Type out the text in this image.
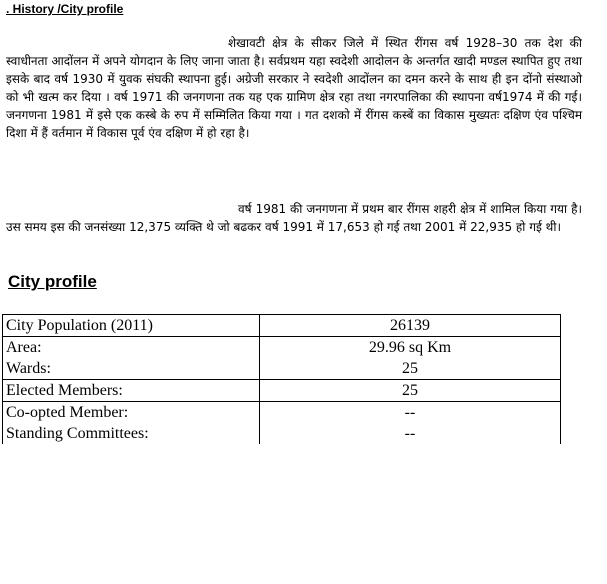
. History /City profile
शेखावटी क्षेत्र के सीकर जिले में स्थित रींगस वर्ष 1928–30 तक देश की स्वाधीनता आदोंलन में अपने योगदान के लिए जाना जाता है। सर्वप्रथम यहा स्वदेशी आदोलन के अन्तर्गत खादी मण्डल स्थापित हुए तथा इसके बाद वर्ष 1930 में युवक संघकी स्थापना हुई। अग्रेजी सरकार ने स्वदेशी आदोंलन का दमन करने के साथ ही इन दोंनो संस्थाओ को भी खत्म कर दिया । वर्ष 1971 की जनगणना तक यह एक ग्रामिण क्षेत्र रहा तथा नगरपालिका की स्थापना वर्ष1974 में की गई।जनगणना 1981 में इसे एक कस्बे के रुप में सम्मिलित किया गया । गत दशको में रींगस कस्बें का विकास मुख्यतः दक्षिण एंव पश्चिम दिशा में हैं वर्तमान में विकास पूर्व एंव दक्षिण में हो रहा है।
वर्ष 1981 की जनगणना में प्रथम बार रींगस शहरी क्षेत्र में शामिल किया गया है। उस समय इस की जनसंख्या 12,375 व्यक्ति थे जो बढकर वर्ष 1991 में 17,653 हो गई तथा 2001 में 22,935 हो गई थी।
City profile
City Population (2011)	26139
Area:	29.96 sq Km
Wards:	25
Elected Members:	25
Co-opted Member:	--
Standing Committees:	--
